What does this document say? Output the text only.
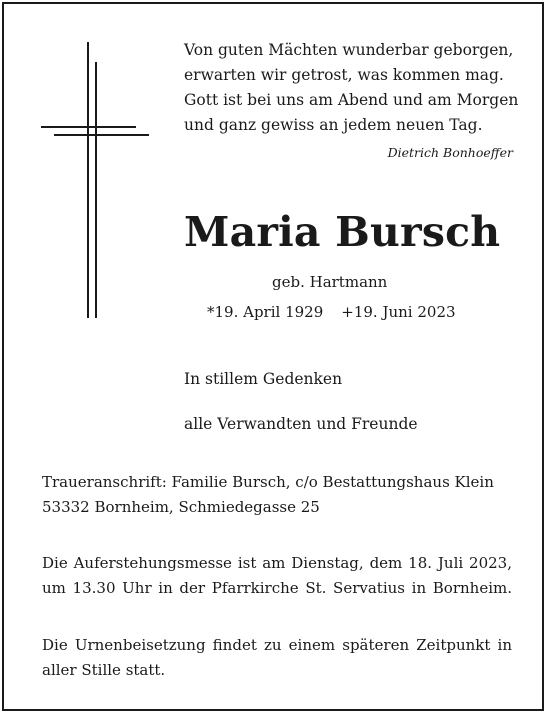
Von guten Mächten wunderbar geborgen,
erwarten wir getrost, was kommen mag.
Gott ist bei uns am Abend und am Morgen
und ganz gewiss an jedem neuen Tag.
Dietrich Bonhoeffer
Maria Bursch
geb. Hartmann
*19. April 1929 +19. Juni 2023
In stillem Gedenken
alle Verwandten und Freunde
Traueranschrift: Familie Bursch, c/o Bestattungshaus Klein
53332 Bornheim, Schmiedegasse 25
Die Auferstehungsmesse ist am Dienstag, dem 18. Juli 2023,
um 13.30 Uhr in der Pfarrkirche St. Servatius in Bornheim.
Die Urnenbeisetzung findet zu einem späteren Zeitpunkt in
aller Stille statt.
